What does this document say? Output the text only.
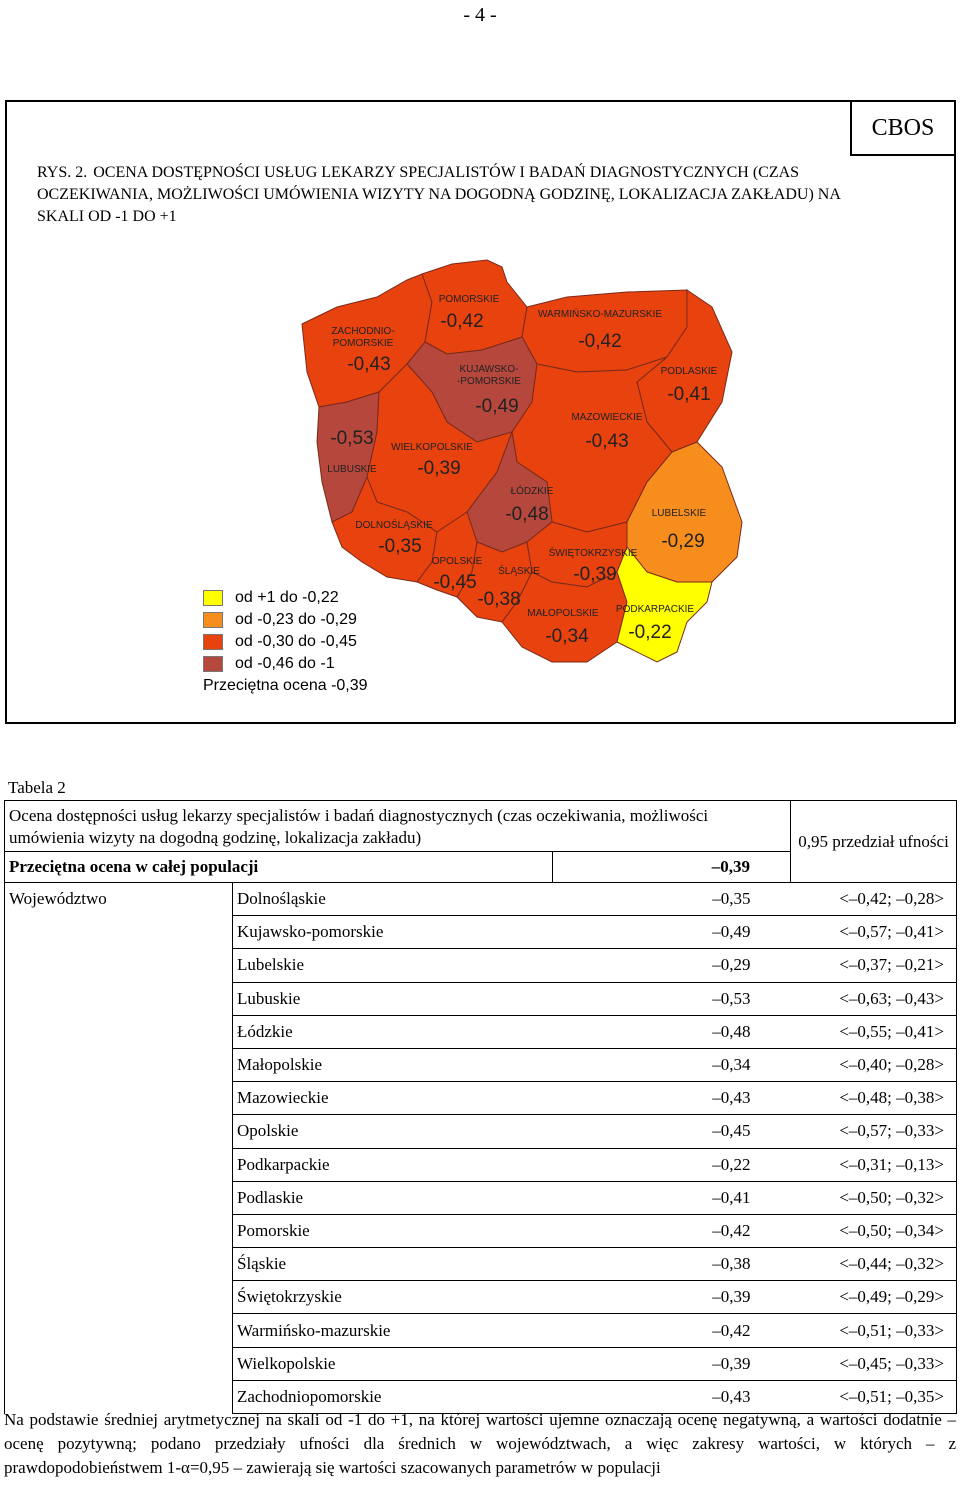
- 4 -
CBOS
RYS. 2. OCENA DOSTĘPNOŚCI USŁUG LEKARZY SPECJALISTÓW I BADAŃ DIAGNOSTYCZNYCH (CZAS OCZEKIWANIA, MOŻLIWOŚCI UMÓWIENIA WIZYTY NA DOGODNĄ GODZINĘ, LOKALIZACJA ZAKŁADU) NA SKALI OD -1 DO +1
POMORSKIE
-0,42	WARMIŃSKO-MAZURSKIE
-0,42
ZACHODNIO-
POMORSKIE
-0,43	KUJAWSKO-
-POMORSKIE
-0,49
PODLASKIE
-0,41
MAZOWIECKIE
-0,43
WIELKOPOLSKIE
-0,39
LUBUSKIE
-0,53
ŁÓDZKIE
-0,48	LUBELSKIE
-0,29
DOLNOŚLĄSKIE
-0,35
OPOLSKIE
-0,45
ŚLĄSKIE
-0,38
ŚWIĘTOKRZYSKIE
-0,39
MAŁOPOLSKIE
-0,34
PODKARPACKIE
-0,22
od +1 do -0,22
od -0,23 do -0,29
od -0,30 do -0,45
od -0,46 do -1
Przeciętna ocena -0,39
Tabela 2
Ocena dostępności usług lekarzy specjalistów i badań diagnostycznych (czas oczekiwania, możliwości umówienia wizyty na dogodną godzinę, lokalizacja zakładu)			0,95 przedział ufności
Przeciętna ocena w całej populacji		–0,39	
Województwo	Dolnośląskie	–0,35	<–0,42; –0,28>
	Kujawsko-pomorskie	–0,49	<–0,57; –0,41>
	Lubelskie	–0,29	<–0,37; –0,21>
	Lubuskie	–0,53	<–0,63; –0,43>
	Łódzkie	–0,48	<–0,55; –0,41>
	Małopolskie	–0,34	<–0,40; –0,28>
	Mazowieckie	–0,43	<–0,48; –0,38>
	Opolskie	–0,45	<–0,57; –0,33>
	Podkarpackie	–0,22	<–0,31; –0,13>
	Podlaskie	–0,41	<–0,50; –0,32>
	Pomorskie	–0,42	<–0,50; –0,34>
	Śląskie	–0,38	<–0,44; –0,32>
	Świętokrzyskie	–0,39	<–0,49; –0,29>
	Warmińsko-mazurskie	–0,42	<–0,51; –0,33>
	Wielkopolskie	–0,39	<–0,45; –0,33>
	Zachodniopomorskie	–0,43	<–0,51; –0,35>
Na podstawie średniej arytmetycznej na skali od -1 do +1, na której wartości ujemne oznaczają ocenę negatywną, a wartości dodatnie – ocenę pozytywną; podano przedziały ufności dla średnich w województwach, a więc zakresy wartości, w których – z prawdopodobieństwem 1-α=0,95 – zawierają się wartości szacowanych parametrów w populacji
